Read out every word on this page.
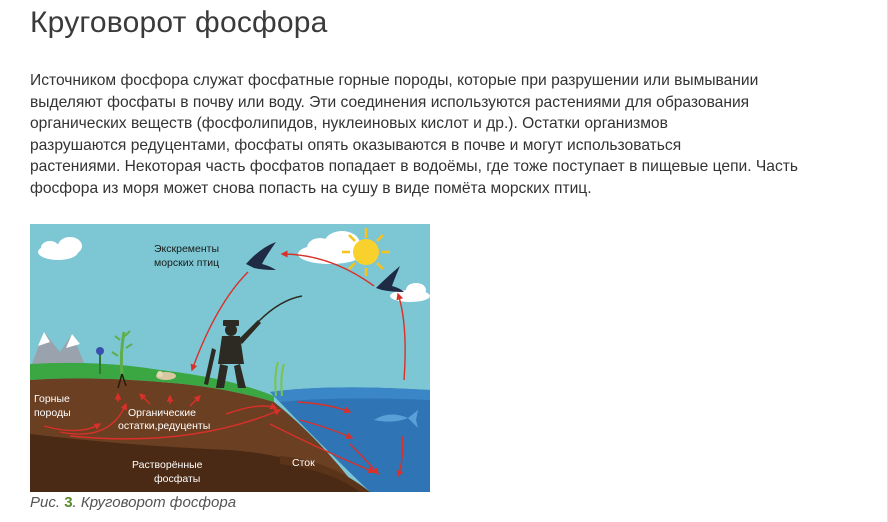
Круговорот фосфора
Источником фосфора служат фосфатные горные породы, которые при разрушении или вымывании
выделяют фосфаты в почву или воду. Эти соединения используются растениями для образования
органических веществ (фосфолипидов, нуклеиновых кислот и др.). Остатки организмов
разрушаются редуцентами, фосфаты опять оказываются в почве и могут использоваться
растениями. Некоторая часть фосфатов попадает в водоёмы, где тоже поступает в пищевые цепи. Часть
фосфора из моря может снова попасть на сушу в виде помёта морских птиц.
Экскременты
морских птиц
Горные
породы	Органические
остатки,редуценты
Растворённые
фосфаты
Сток
Рис. 3. Круговорот фосфора
